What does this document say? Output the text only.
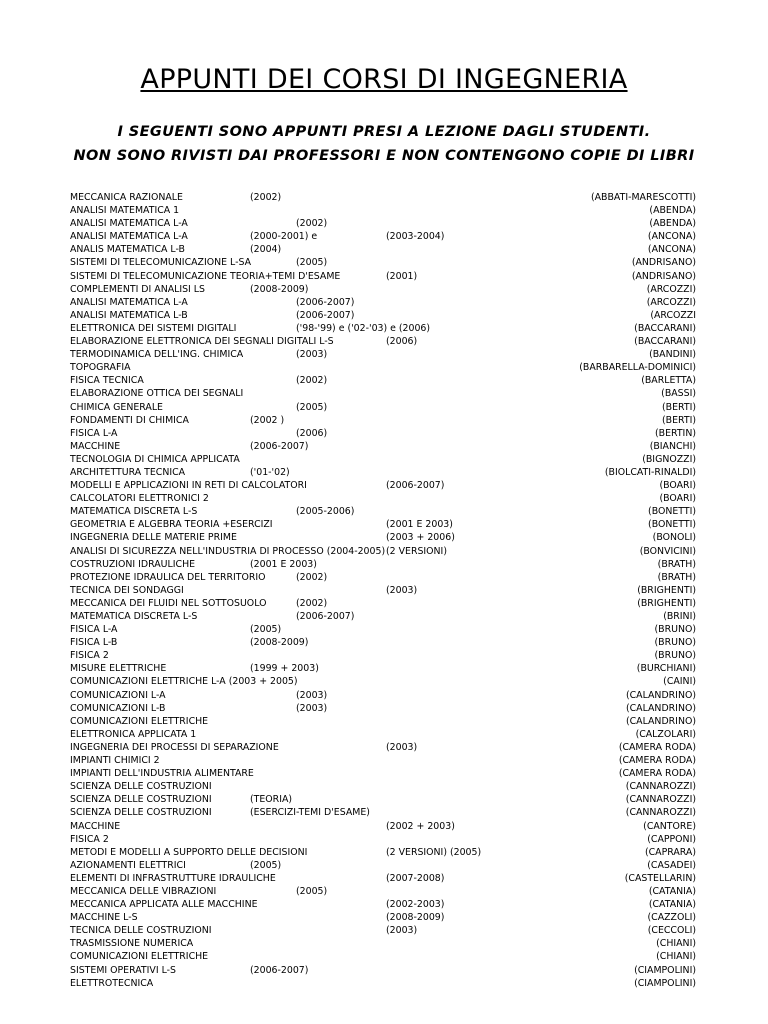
APPUNTI DEI CORSI DI INGEGNERIA
I SEGUENTI SONO APPUNTI PRESI A LEZIONE DAGLI STUDENTI.
NON SONO RIVISTI DAI PROFESSORI E NON CONTENGONO COPIE DI LIBRI
MECCANICA RAZIONALE	(2002)	(ABBATI-MARESCOTTI)
ANALISI MATEMATICA 1	(ABENDA)
ANALISI MATEMATICA L-A	(2002)	(ABENDA)
ANALISI MATEMATICA L-A	(2000-2001) e	(2003-2004)	(ANCONA)
ANALIS MATEMATICA L-B	(2004)	(ANCONA)
SISTEMI DI TELECOMUNICAZIONE L-SA	(2005)	(ANDRISANO)
SISTEMI DI TELECOMUNICAZIONE TEORIA+TEMI D'ESAME	(2001)	(ANDRISANO)
COMPLEMENTI DI ANALISI LS	(2008-2009)	(ARCOZZI)
ANALISI MATEMATICA L-A	(2006-2007)	(ARCOZZI)
ANALISI MATEMATICA L-B	(2006-2007)	(ARCOZZI
ELETTRONICA DEI SISTEMI DIGITALI	('98-'99) e ('02-'03) e (2006)	(BACCARANI)
ELABORAZIONE ELETTRONICA DEI SEGNALI DIGITALI L-S	(2006)	(BACCARANI)
TERMODINAMICA DELL'ING. CHIMICA	(2003)	(BANDINI)
TOPOGRAFIA	(BARBARELLA-DOMINICI)
FISICA TECNICA	(2002)	(BARLETTA)
ELABORAZIONE OTTICA DEI SEGNALI	(BASSI)
CHIMICA GENERALE	(2005)	(BERTI)
FONDAMENTI DI CHIMICA	(2002 )	(BERTI)
FISICA L-A	(2006)	(BERTIN)
MACCHINE	(2006-2007)	(BIANCHI)
TECNOLOGIA DI CHIMICA APPLICATA	(BIGNOZZI)
ARCHITETTURA TECNICA	('01-'02)	(BIOLCATI-RINALDI)
MODELLI E APPLICAZIONI IN RETI DI CALCOLATORI	(2006-2007)	(BOARI)
CALCOLATORI ELETTRONICI 2	(BOARI)
MATEMATICA DISCRETA L-S	(2005-2006)	(BONETTI)
GEOMETRIA E ALGEBRA TEORIA +ESERCIZI	(2001 E 2003)	(BONETTI)
INGEGNERIA DELLE MATERIE PRIME	(2003 + 2006)	(BONOLI)
ANALISI DI SICUREZZA NELL'INDUSTRIA DI PROCESSO (2004-2005) (2 VERSIONI)	(BONVICINI)
COSTRUZIONI IDRAULICHE	(2001 E 2003)	(BRATH)
PROTEZIONE IDRAULICA DEL TERRITORIO	(2002)	(BRATH)
TECNICA DEI SONDAGGI	(2003)	(BRIGHENTI)
MECCANICA DEI FLUIDI NEL SOTTOSUOLO	(2002)	(BRIGHENTI)
MATEMATICA DISCRETA L-S	(2006-2007)	(BRINI)
FISICA L-A	(2005)	(BRUNO)
FISICA L-B	(2008-2009)	(BRUNO)
FISICA 2	(BRUNO)
MISURE ELETTRICHE	(1999 + 2003)	(BURCHIANI)
COMUNICAZIONI ELETTRICHE L-A (2003 + 2005)	(CAINI)
COMUNICAZIONI L-A	(2003)	(CALANDRINO)
COMUNICAZIONI L-B	(2003)	(CALANDRINO)
COMUNICAZIONI ELETTRICHE	(CALANDRINO)
ELETTRONICA APPLICATA 1	(CALZOLARI)
INGEGNERIA DEI PROCESSI DI SEPARAZIONE	(2003)	(CAMERA RODA)
IMPIANTI CHIMICI 2	(CAMERA RODA)
IMPIANTI DELL'INDUSTRIA ALIMENTARE	(CAMERA RODA)
SCIENZA DELLE COSTRUZIONI	(CANNAROZZI)
SCIENZA DELLE COSTRUZIONI	(TEORIA)	(CANNAROZZI)
SCIENZA DELLE COSTRUZIONI	(ESERCIZI-TEMI D'ESAME)	(CANNAROZZI)
MACCHINE	(2002 + 2003)	(CANTORE)
FISICA 2	(CAPPONI)
METODI E MODELLI A SUPPORTO DELLE DECISIONI	(2 VERSIONI) (2005)	(CAPRARA)
AZIONAMENTI ELETTRICI	(2005)	(CASADEI)
ELEMENTI DI INFRASTRUTTURE IDRAULICHE	(2007-2008)	(CASTELLARIN)
MECCANICA DELLE VIBRAZIONI	(2005)	(CATANIA)
MECCANICA APPLICATA ALLE MACCHINE	(2002-2003)	(CATANIA)
MACCHINE L-S	(2008-2009)	(CAZZOLI)
TECNICA DELLE COSTRUZIONI	(2003)	(CECCOLI)
TRASMISSIONE NUMERICA	(CHIANI)
COMUNICAZIONI ELETTRICHE	(CHIANI)
SISTEMI OPERATIVI L-S	(2006-2007)	(CIAMPOLINI)
ELETTROTECNICA	(CIAMPOLINI)
